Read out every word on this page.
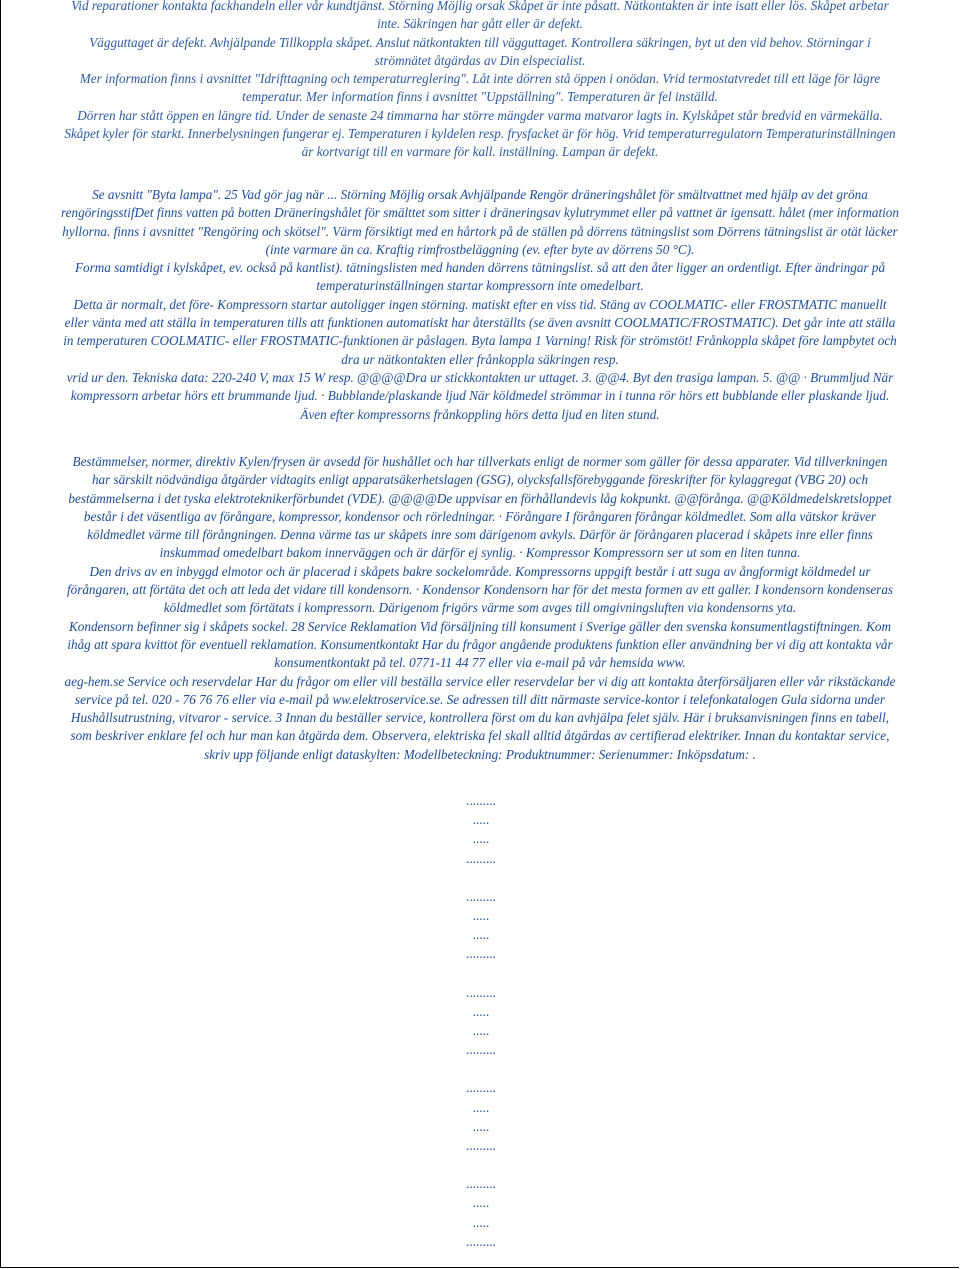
Vid reparationer kontakta fackhandeln eller vår kundtjänst. Störning Möjlig orsak Skåpet är inte påsatt. Nätkontakten är inte isatt eller lös. Skåpet arbetar
inte. Säkringen har gått eller är defekt.
Vägguttaget är defekt. Avhjälpande Tillkoppla skåpet. Anslut nätkontakten till vägguttaget. Kontrollera säkringen, byt ut den vid behov. Störningar i
strömnätet åtgärdas av Din elspecialist.
Mer information finns i avsnittet "Idrifttagning och temperaturreglering". Låt inte dörren stå öppen i onödan. Vrid termostatvredet till ett läge för lägre
temperatur. Mer information finns i avsnittet "Uppställning". Temperaturen är fel inställd.
Dörren har stått öppen en längre tid. Under de senaste 24 timmarna har större mängder varma matvaror lagts in. Kylskåpet står bredvid en värmekälla.
Skåpet kyler för starkt. Innerbelysningen fungerar ej. Temperaturen i kyldelen resp. frysfacket är för hög. Vrid temperaturregulatorn Temperaturinställningen
är kortvarigt till en varmare för kall. inställning. Lampan är defekt.
Se avsnitt "Byta lampa". 25 Vad gör jag när ... Störning Möjlig orsak Avhjälpande Rengör dräneringshålet för smältvattnet med hjälp av det gröna
rengöringsstifDet finns vatten på botten Dräneringshålet för smälttet som sitter i dräneringsav kylutrymmet eller på vattnet är igensatt. hålet (mer information
hyllorna. finns i avsnittet "Rengöring och skötsel". Värm försiktigt med en hårtork på de ställen på dörrens tätningslist som Dörrens tätningslist är otät läcker
(inte varmare än ca. Kraftig rimfrostbeläggning (ev. efter byte av dörrens 50 °C).
Forma samtidigt i kylskåpet, ev. också på kantlist). tätningslisten med handen dörrens tätningslist. så att den åter ligger an ordentligt. Efter ändringar på
temperaturinställningen startar kompressorn inte omedelbart.
Detta är normalt, det före- Kompressorn startar autoligger ingen störning. matiskt efter en viss tid. Stäng av COOLMATIC- eller FROSTMATIC manuellt
eller vänta med att ställa in temperaturen tills att funktionen automatiskt har återställts (se även avsnitt COOLMATIC/FROSTMATIC). Det går inte att ställa
in temperaturen COOLMATIC- eller FROSTMATIC-funktionen är påslagen. Byta lampa 1 Varning! Risk för strömstöt! Frånkoppla skåpet före lampbytet och
dra ur nätkontakten eller frånkoppla säkringen resp.
vrid ur den. Tekniska data: 220-240 V, max 15 W resp. @@@@Dra ur stickkontakten ur uttaget. 3. @@4. Byt den trasiga lampan. 5. @@ · Brummljud När
kompressorn arbetar hörs ett brummande ljud. · Bubblande/plaskande ljud När köldmedel strömmar in i tunna rör hörs ett bubblande eller plaskande ljud.
Även efter kompressorns frånkoppling hörs detta ljud en liten stund.
Bestämmelser, normer, direktiv Kylen/frysen är avsedd för hushållet och har tillverkats enligt de normer som gäller för dessa apparater. Vid tillverkningen
har särskilt nödvändiga åtgärder vidtagits enligt apparatsäkerhetslagen (GSG), olycksfallsförebyggande föreskrifter för kylaggregat (VBG 20) och
bestämmelserna i det tyska elektroteknikerförbundet (VDE). @@@@De uppvisar en förhållandevis låg kokpunkt. @@förånga. @@Köldmedelskretsloppet
består i det väsentliga av förångare, kompressor, kondensor och rörledningar. · Förångare I förångaren förångar köldmedlet. Som alla vätskor kräver
köldmedlet värme till förångningen. Denna värme tas ur skåpets inre som därigenom avkyls. Därför är förångaren placerad i skåpets inre eller finns
inskummad omedelbart bakom innerväggen och är därför ej synlig. · Kompressor Kompressorn ser ut som en liten tunna.
Den drivs av en inbyggd elmotor och är placerad i skåpets bakre sockelområde. Kompressorns uppgift består i att suga av ångformigt köldmedel ur
förångaren, att förtäta det och att leda det vidare till kondensorn. · Kondensor Kondensorn har för det mesta formen av ett galler. I kondensorn kondenseras
köldmedlet som förtätats i kompressorn. Därigenom frigörs värme som avges till omgivningsluften via kondensorns yta.
Kondensorn befinner sig i skåpets sockel. 28 Service Reklamation Vid försäljning till konsument i Sverige gäller den svenska konsumentlagstiftningen. Kom
ihåg att spara kvittot för eventuell reklamation. Konsumentkontakt Har du frågor angående produktens funktion eller användning ber vi dig att kontakta vår
konsumentkontakt på tel. 0771-11 44 77 eller via e-mail på vår hemsida www.
aeg-hem.se Service och reservdelar Har du frågor om eller vill beställa service eller reservdelar ber vi dig att kontakta återförsäljaren eller vår rikstäckande
service på tel. 020 - 76 76 76 eller via e-mail på ww.elektroservice.se. Se adressen till ditt närmaste service-kontor i telefonkatalogen Gula sidorna under
Hushållsutrustning, vitvaror - service. 3 Innan du beställer service, kontrollera först om du kan avhjälpa felet själv. Här i bruksanvisningen finns en tabell,
som beskriver enklare fel och hur man kan åtgärda dem. Observera, elektriska fel skall alltid åtgärdas av certifierad elektriker. Innan du kontaktar service,
skriv upp följande enligt dataskylten: Modellbeteckning: Produktnummer: Serienummer: Inköpsdatum: .
.........
.....
.....
.........
.........
.....
.....
.........
.........
.....
.....
.........
.........
.....
.....
.........
.........
.....
.....
.........
